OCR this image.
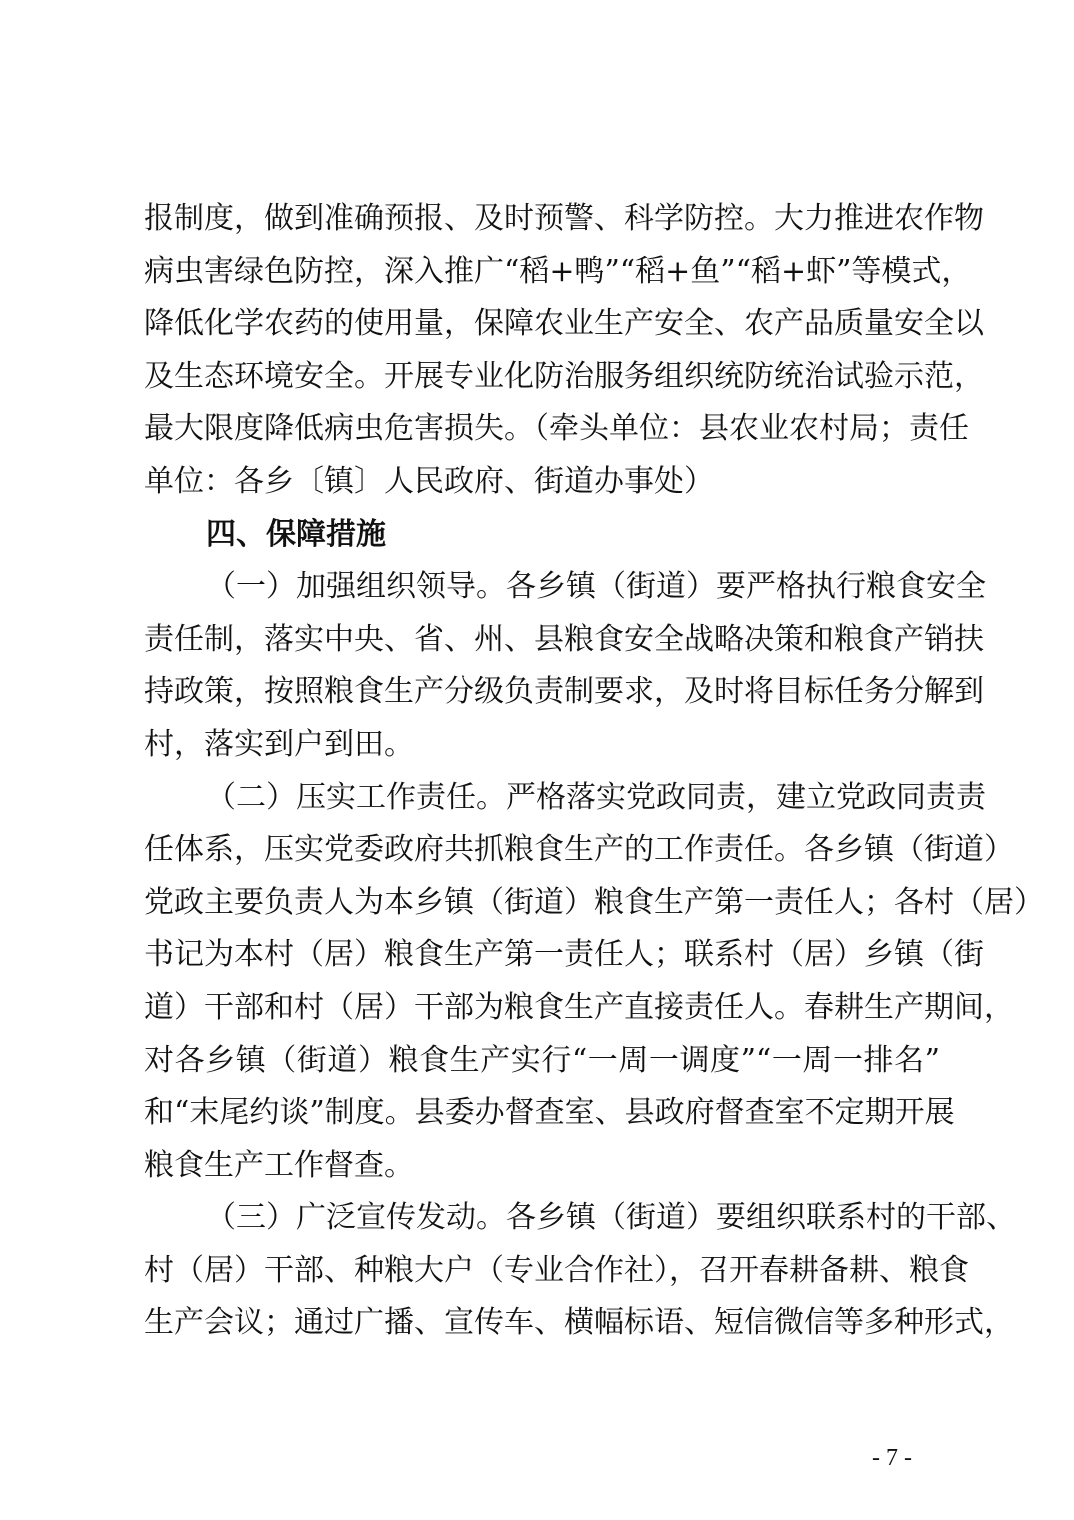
报制度，做到准确预报、及时预警、科学防控。大力推进农作物
病虫害绿色防控，深入推广“稻+鸭”“稻+鱼”“稻+虾”等模式，
降低化学农药的使用量，保障农业生产安全、农产品质量安全以
及生态环境安全。开展专业化防治服务组织统防统治试验示范，
最大限度降低病虫危害损失。（牵头单位：县农业农村局；责任
单位：各乡〔镇〕人民政府、街道办事处）
四、保障措施
（一）加强组织领导。各乡镇（街道）要严格执行粮食安全
责任制，落实中央、省、州、县粮食安全战略决策和粮食产销扶
持政策，按照粮食生产分级负责制要求，及时将目标任务分解到
村，落实到户到田。
（二）压实工作责任。严格落实党政同责，建立党政同责责
任体系，压实党委政府共抓粮食生产的工作责任。各乡镇（街道）
党政主要负责人为本乡镇（街道）粮食生产第一责任人；各村（居）
书记为本村（居）粮食生产第一责任人；联系村（居）乡镇（街
道）干部和村（居）干部为粮食生产直接责任人。春耕生产期间，
对各乡镇（街道）粮食生产实行“一周一调度”“一周一排名”
和“末尾约谈”制度。县委办督查室、县政府督查室不定期开展
粮食生产工作督查。
（三）广泛宣传发动。各乡镇（街道）要组织联系村的干部、
村（居）干部、种粮大户（专业合作社），召开春耕备耕、粮食
生产会议；通过广播、宣传车、横幅标语、短信微信等多种形式，
- 7 -
